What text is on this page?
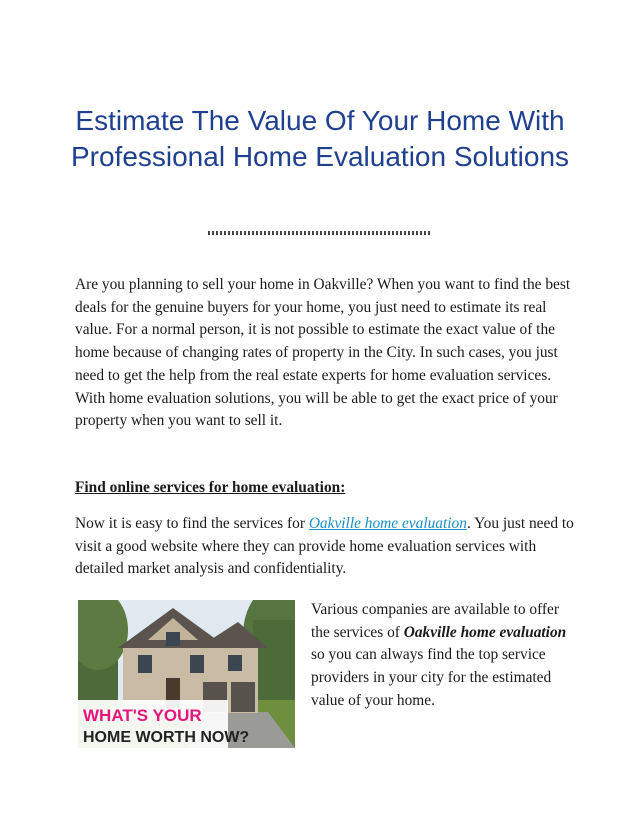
Estimate The Value Of Your Home With Professional Home Evaluation Solutions

Are you planning to sell your home in Oakville? When you want to find the best deals for the genuine buyers for your home, you just need to estimate its real value. For a normal person, it is not possible to estimate the exact value of the home because of changing rates of property in the City. In such cases, you just need to get the help from the real estate experts for home evaluation services. With home evaluation solutions, you will be able to get the exact price of your property when you want to sell it.

Find online services for home evaluation:

Now it is easy to find the services for Oakville home evaluation. You just need to visit a good website where they can provide home evaluation services with detailed market analysis and confidentiality.

WHAT'S YOUR
HOME WORTH NOW?

Various companies are available to offer the services of Oakville home evaluation so you can always find the top service providers in your city for the estimated value of your home.
